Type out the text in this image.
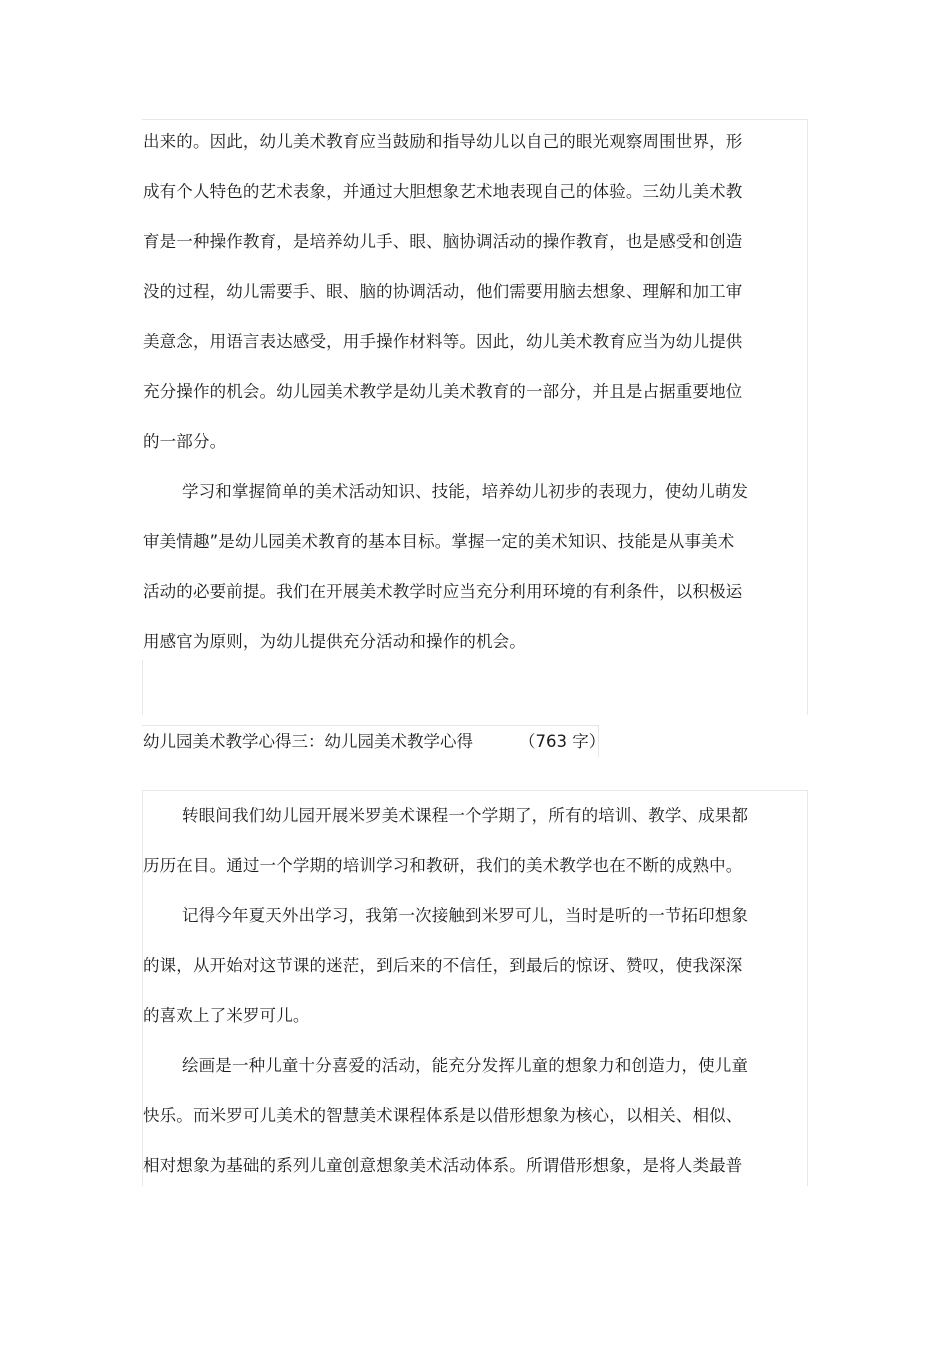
出来的。因此，幼儿美术教育应当鼓励和指导幼儿以自己的眼光观察周围世界，形
成有个人特色的艺术表象，并通过大胆想象艺术地表现自己的体验。三幼儿美术教
育是一种操作教育，是培养幼儿手、眼、脑协调活动的操作教育，也是感受和创造
没的过程，幼儿需要手、眼、脑的协调活动，他们需要用脑去想象、理解和加工审
美意念，用语言表达感受，用手操作材料等。因此，幼儿美术教育应当为幼儿提供
充分操作的机会。幼儿园美术教学是幼儿美术教育的一部分，并且是占据重要地位
的一部分。
学习和掌握简单的美术活动知识、技能，培养幼儿初步的表现力，使幼儿萌发
审美情趣”是幼儿园美术教育的基本目标。掌握一定的美术知识、技能是从事美术
活动的必要前提。我们在开展美术教学时应当充分利用环境的有利条件，以积极运
用感官为原则，为幼儿提供充分活动和操作的机会。
幼儿园美术教学心得三：幼儿园美术教学心得	（763 字）
转眼间我们幼儿园开展米罗美术课程一个学期了，所有的培训、教学、成果都
历历在目。通过一个学期的培训学习和教研，我们的美术教学也在不断的成熟中。
记得今年夏天外出学习，我第一次接触到米罗可儿，当时是听的一节拓印想象
的课，从开始对这节课的迷茫，到后来的不信任，到最后的惊讶、赞叹，使我深深
的喜欢上了米罗可儿。
绘画是一种儿童十分喜爱的活动，能充分发挥儿童的想象力和创造力，使儿童
快乐。而米罗可儿美术的智慧美术课程体系是以借形想象为核心，以相关、相似、
相对想象为基础的系列儿童创意想象美术活动体系。所谓借形想象，是将人类最普
